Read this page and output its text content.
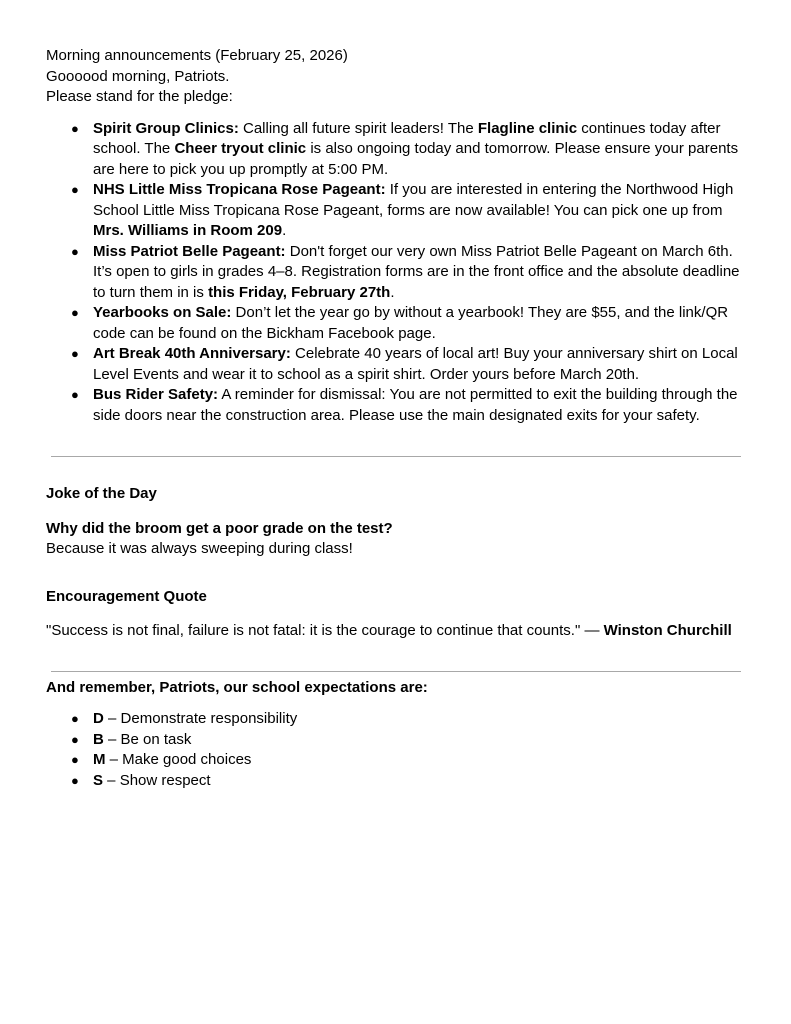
Morning announcements (February 25, 2026)

Goooood morning, Patriots.

Please stand for the pledge:

● Spirit Group Clinics: Calling all future spirit leaders! The Flagline clinic continues today after school. The Cheer tryout clinic is also ongoing today and tomorrow. Please ensure your parents are here to pick you up promptly at 5:00 PM.
● NHS Little Miss Tropicana Rose Pageant: If you are interested in entering the Northwood High School Little Miss Tropicana Rose Pageant, forms are now available! You can pick one up from Mrs. Williams in Room 209.
● Miss Patriot Belle Pageant: Don't forget our very own Miss Patriot Belle Pageant on March 6th. It’s open to girls in grades 4–8. Registration forms are in the front office and the absolute deadline to turn them in is this Friday, February 27th.
● Yearbooks on Sale: Don’t let the year go by without a yearbook! They are $55, and the link/QR code can be found on the Bickham Facebook page.
● Art Break 40th Anniversary: Celebrate 40 years of local art! Buy your anniversary shirt on Local Level Events and wear it to school as a spirit shirt. Order yours before March 20th.
● Bus Rider Safety: A reminder for dismissal: You are not permitted to exit the building through the side doors near the construction area. Please use the main designated exits for your safety.

Joke of the Day

Why did the broom get a poor grade on the test?

Because it was always sweeping during class!

Encouragement Quote

"Success is not final, failure is not fatal: it is the courage to continue that counts." — Winston Churchill

And remember, Patriots, our school expectations are:

● D – Demonstrate responsibility
● B – Be on task
● M – Make good choices
● S – Show respect
